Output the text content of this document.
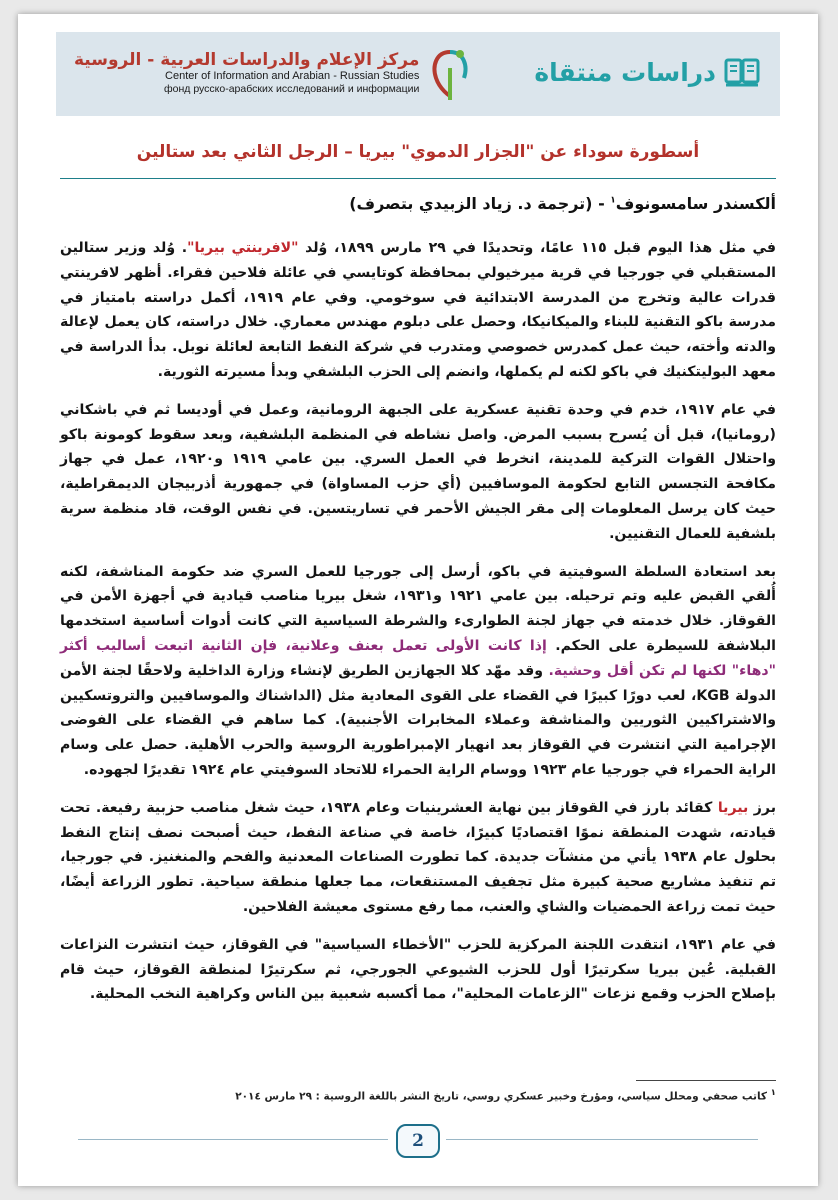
مركز الإعلام والدراسات العربية - الروسية
Center of Information and Arabian - Russian Studies
фонд русско-арабских исследований и информации
دراسات منتقاة
أسطورة سوداء عن "الجزار الدموي" بيريا – الرجل الثاني بعد ستالين
ألكسندر سامسونوف$^١$ - (ترجمة د. زياد الزبيدي بتصرف)

في مثل هذا اليوم قبل ١١٥ عامًا، وتحديدًا في ٢٩ مارس ١٨٩٩، وُلد "لافرينتي بيريا". وُلد وزير ستالين المستقبلي في جورجيا في قرية ميرخيولي بمحافظة كوتايسي في عائلة فلاحين فقراء. أظهر لافرينتي قدرات عالية وتخرج من المدرسة الابتدائية في سوخومي. وفي عام ١٩١٩، أكمل دراسته بامتياز في مدرسة باكو التقنية للبناء والميكانيكا، وحصل على دبلوم مهندس معماري. خلال دراسته، كان يعمل لإعالة والدته وأخته، حيث عمل كمدرس خصوصي ومتدرب في شركة النفط التابعة لعائلة نوبل. بدأ الدراسة في معهد البوليتكنيك في باكو لكنه لم يكملها، وانضم إلى الحزب البلشفي وبدأ مسيرته الثورية.

في عام ١٩١٧، خدم في وحدة تقنية عسكرية على الجبهة الرومانية، وعمل في أوديسا ثم في باشكاني (رومانيا)، قبل أن يُسرح بسبب المرض. واصل نشاطه في المنظمة البلشفية، وبعد سقوط كومونة باكو واحتلال القوات التركية للمدينة، انخرط في العمل السري. بين عامي ١٩١٩ و١٩٢٠، عمل في جهاز مكافحة التجسس التابع لحكومة الموسافيين (أي حزب المساواة) في جمهورية أذربيجان الديمقراطية، حيث كان يرسل المعلومات إلى مقر الجيش الأحمر في تساريتسين. في نفس الوقت، قاد منظمة سرية بلشفية للعمال التقنيين.

بعد استعادة السلطة السوفيتية في باكو، أرسل إلى جورجيا للعمل السري ضد حكومة المناشفة، لكنه أُلقي القبض عليه وتم ترحيله. بين عامي ١٩٢١ و١٩٣١، شغل بيريا مناصب قيادية في أجهزة الأمن في القوقاز. خلال خدمته في جهاز لجنة الطوارىء والشرطة السياسية التي كانت أدوات أساسية استخدمها البلاشفة للسيطرة على الحكم. إذا كانت الأولى تعمل بعنف وعلانية، فإن الثانية اتبعت أساليب أكثر "دهاء" لكنها لم تكن أقل وحشية. وقد مهّد كلا الجهازين الطريق لإنشاء وزارة الداخلية ولاحقًا لجنة الأمن الدولة KGB، لعب دورًا كبيرًا في القضاء على القوى المعادية مثل (الداشناك والموسافيين والتروتسكيين والاشتراكيين الثوريين والمناشفة وعملاء المخابرات الأجنبية). كما ساهم في القضاء على الفوضى الإجرامية التي انتشرت في القوقاز بعد انهيار الإمبراطورية الروسية والحرب الأهلية. حصل على وسام الراية الحمراء في جورجيا عام ١٩٢٣ ووسام الراية الحمراء للاتحاد السوفيتي عام ١٩٢٤ تقديرًا لجهوده.

برز بيريا كقائد بارز في القوقاز بين نهاية العشرينيات وعام ١٩٣٨، حيث شغل مناصب حزبية رفيعة. تحت قيادته، شهدت المنطقة نموًا اقتصاديًا كبيرًا، خاصة في صناعة النفط، حيث أصبحت نصف إنتاج النفط بحلول عام ١٩٣٨ يأتي من منشآت جديدة. كما تطورت الصناعات المعدنية والفحم والمنغنيز. في جورجيا، تم تنفيذ مشاريع صحية كبيرة مثل تجفيف المستنقعات، مما جعلها منطقة سياحية. تطور الزراعة أيضًا، حيث تمت زراعة الحمضيات والشاي والعنب، مما رفع مستوى معيشة الفلاحين.

في عام ١٩٣١، انتقدت اللجنة المركزية للحزب "الأخطاء السياسية" في القوقاز، حيث انتشرت النزاعات القبلية. عُين بيريا سكرتيرًا أول للحزب الشيوعي الجورجي، ثم سكرتيرًا لمنطقة القوقاز، حيث قام بإصلاح الحزب وقمع نزعات "الزعامات المحلية"، مما أكسبه شعبية بين الناس وكراهية النخب المحلية.

$^١$ كاتب صحفي ومحلل سياسي، ومؤرخ وخبير عسكري روسي، تاريخ النشر باللغة الروسية : ٢٩ مارس ٢٠١٤
2
